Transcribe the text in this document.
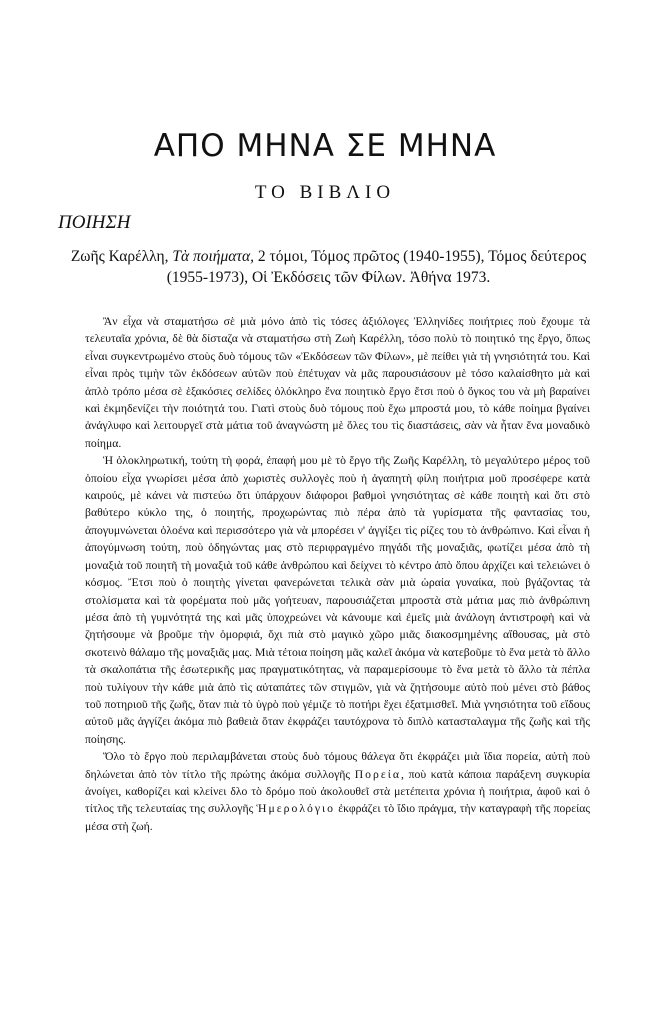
ΑΠΟ ΜΗΝΑ ΣΕ ΜΗΝΑ
ΤΟ ΒΙΒΛΙΟ
ΠΟΙΗΣΗ

Ζωῆς Καρέλλη, Τὰ ποιήματα, 2 τόμοι, Τόμος πρῶτος (1940-1955), Τόμος δεύτερος (1955-1973), Οἱ Ἐκδόσεις τῶν Φίλων. Ἀθήνα 1973.

Ἂν εἶχα νὰ σταματήσω σὲ μιὰ μόνο ἀπὸ τὶς τόσες ἀξιόλογες Ἑλληνίδες ποιήτριες ποὺ ἔχουμε τὰ τελευταῖα χρόνια, δὲ θὰ δίσταζα νὰ σταματήσω στὴ Ζωὴ Καρέλλη, τόσο πολὺ τὸ ποιητικό της ἔργο, ὅπως εἶναι συγκεντρωμένο στοὺς δυὸ τόμους τῶν «Ἐκδόσεων τῶν Φίλων», μὲ πείθει γιὰ τὴ γνησιότητά του. Καὶ εἶναι πρὸς τιμὴν τῶν ἐκδόσεων αὐτῶν ποὺ ἐπέτυχαν νὰ μᾶς παρουσιάσουν μὲ τόσο καλαίσθητο μὰ καὶ ἁπλὸ τρόπο μέσα σὲ ἑξακόσιες σελίδες ὁλόκληρο ἕνα ποιητικὸ ἔργο ἔτσι ποὺ ὁ ὄγκος του νὰ μὴ βαραίνει καὶ ἐκμηδενίζει τὴν ποιότητά του. Γιατὶ στοὺς δυὸ τόμους ποὺ ἔχω μπροστά μου, τὸ κάθε ποίημα βγαίνει ἀνάγλυφο καὶ λειτουργεῖ στὰ μάτια τοῦ ἀναγνώστη μὲ ὅλες του τὶς διαστάσεις, σὰν νὰ ἦταν ἕνα μοναδικὸ ποίημα.

Ἡ ὁλοκληρωτική, τούτη τὴ φορά, ἐπαφή μου μὲ τὸ ἔργο τῆς Ζωῆς Καρέλλη, τὸ μεγαλύτερο μέρος τοῦ ὁποίου εἶχα γνωρίσει μέσα ἀπὸ χωριστὲς συλλογὲς ποὺ ἡ ἀγαπητὴ φίλη ποιήτρια μοῦ προσέφερε κατὰ καιρούς, μὲ κάνει νὰ πιστεύω ὅτι ὑπάρχουν διάφοροι βαθμοὶ γνησιότητας σὲ κάθε ποιητὴ καὶ ὅτι στὸ βαθύτερο κύκλο της, ὁ ποιητής, προχωρώντας πιὸ πέρα ἀπὸ τὰ γυρίσματα τῆς φαντασίας του, ἀπογυμνώνεται ὁλοένα καὶ περισσότερο γιὰ νὰ μπορέσει ν' ἀγγίξει τὶς ρίζες του τὸ ἀνθρώπινο. Καὶ εἶναι ἡ ἀπογύμνωση τούτη, ποὺ ὁδηγώντας μας στὸ περιφραγμένο πηγάδι τῆς μοναξιᾶς, φωτίζει μέσα ἀπὸ τὴ μοναξιὰ τοῦ ποιητῆ τὴ μοναξιὰ τοῦ κάθε ἀνθρώπου καὶ δείχνει τὸ κέντρο ἀπὸ ὅπου ἀρχίζει καὶ τελειώνει ὁ κόσμος. Ἔτσι ποὺ ὁ ποιητὴς γίνεται φανερώνεται τελικὰ σὰν μιὰ ὡραία γυναίκα, ποὺ βγάζοντας τὰ στολίσματα καὶ τὰ φορέματα ποὺ μᾶς γοήτευαν, παρουσιάζεται μπροστὰ στὰ μάτια μας πιὸ ἀνθρώπινη μέσα ἀπὸ τὴ γυμνότητά της καὶ μᾶς ὑποχρεώνει νὰ κάνουμε καὶ ἐμεῖς μιὰ ἀνάλογη ἀντιστροφὴ καὶ νὰ ζητήσουμε νὰ βροῦμε τὴν ὀμορφιά, ὄχι πιὰ στὸ μαγικὸ χῶρο μιᾶς διακοσμημένης αἴθουσας, μὰ στὸ σκοτεινὸ θάλαμο τῆς μοναξιᾶς μας. Μιὰ τέτοια ποίηση μᾶς καλεῖ ἀκόμα νὰ κατεβοῦμε τὸ ἕνα μετὰ τὸ ἄλλο τὰ σκαλοπάτια τῆς ἐσωτερικῆς μας πραγματικότητας, νὰ παραμερίσουμε τὸ ἕνα μετὰ τὸ ἄλλο τὰ πέπλα ποὺ τυλίγουν τὴν κάθε μιὰ ἀπὸ τὶς αὐταπάτες τῶν στιγμῶν, γιὰ νὰ ζητήσουμε αὐτὸ ποὺ μένει στὸ βάθος τοῦ ποτηριοῦ τῆς ζωῆς, ὅταν πιὰ τὸ ὑγρὸ ποὺ γέμιζε τὸ ποτήρι ἔχει ἐξατμισθεῖ. Μιὰ γνησιότητα τοῦ εἴδους αὐτοῦ μᾶς ἀγγίζει ἀκόμα πιὸ βαθειὰ ὅταν ἐκφράζει ταυτόχρονα τὸ διπλὸ κατασταλαγμα τῆς ζωῆς καὶ τῆς ποίησης.

Ὅλο τὸ ἔργο ποὺ περιλαμβάνεται στοὺς δυὸ τόμους θάλεγα ὅτι ἐκφράζει μιὰ ἴδια πορεία, αὐτὴ ποὺ δηλώνεται ἀπὸ τὸν τίτλο τῆς πρώτης ἀκόμα συλλογῆς Πορεία, ποὺ κατὰ κάποια παράξενη συγκυρία ἀνοίγει, καθορίζει καὶ κλείνει δλο τὸ δρόμο ποὺ ἀκολουθεῖ στὰ μετέπειτα χρόνια ἡ ποιήτρια, ἀφοῦ καὶ ὁ τίτλος τῆς τελευταίας της συλλογῆς Ἡμερολόγιο ἐκφράζει τὸ ἴδιο πράγμα, τὴν καταγραφὴ τῆς πορείας μέσα στὴ ζωή.
